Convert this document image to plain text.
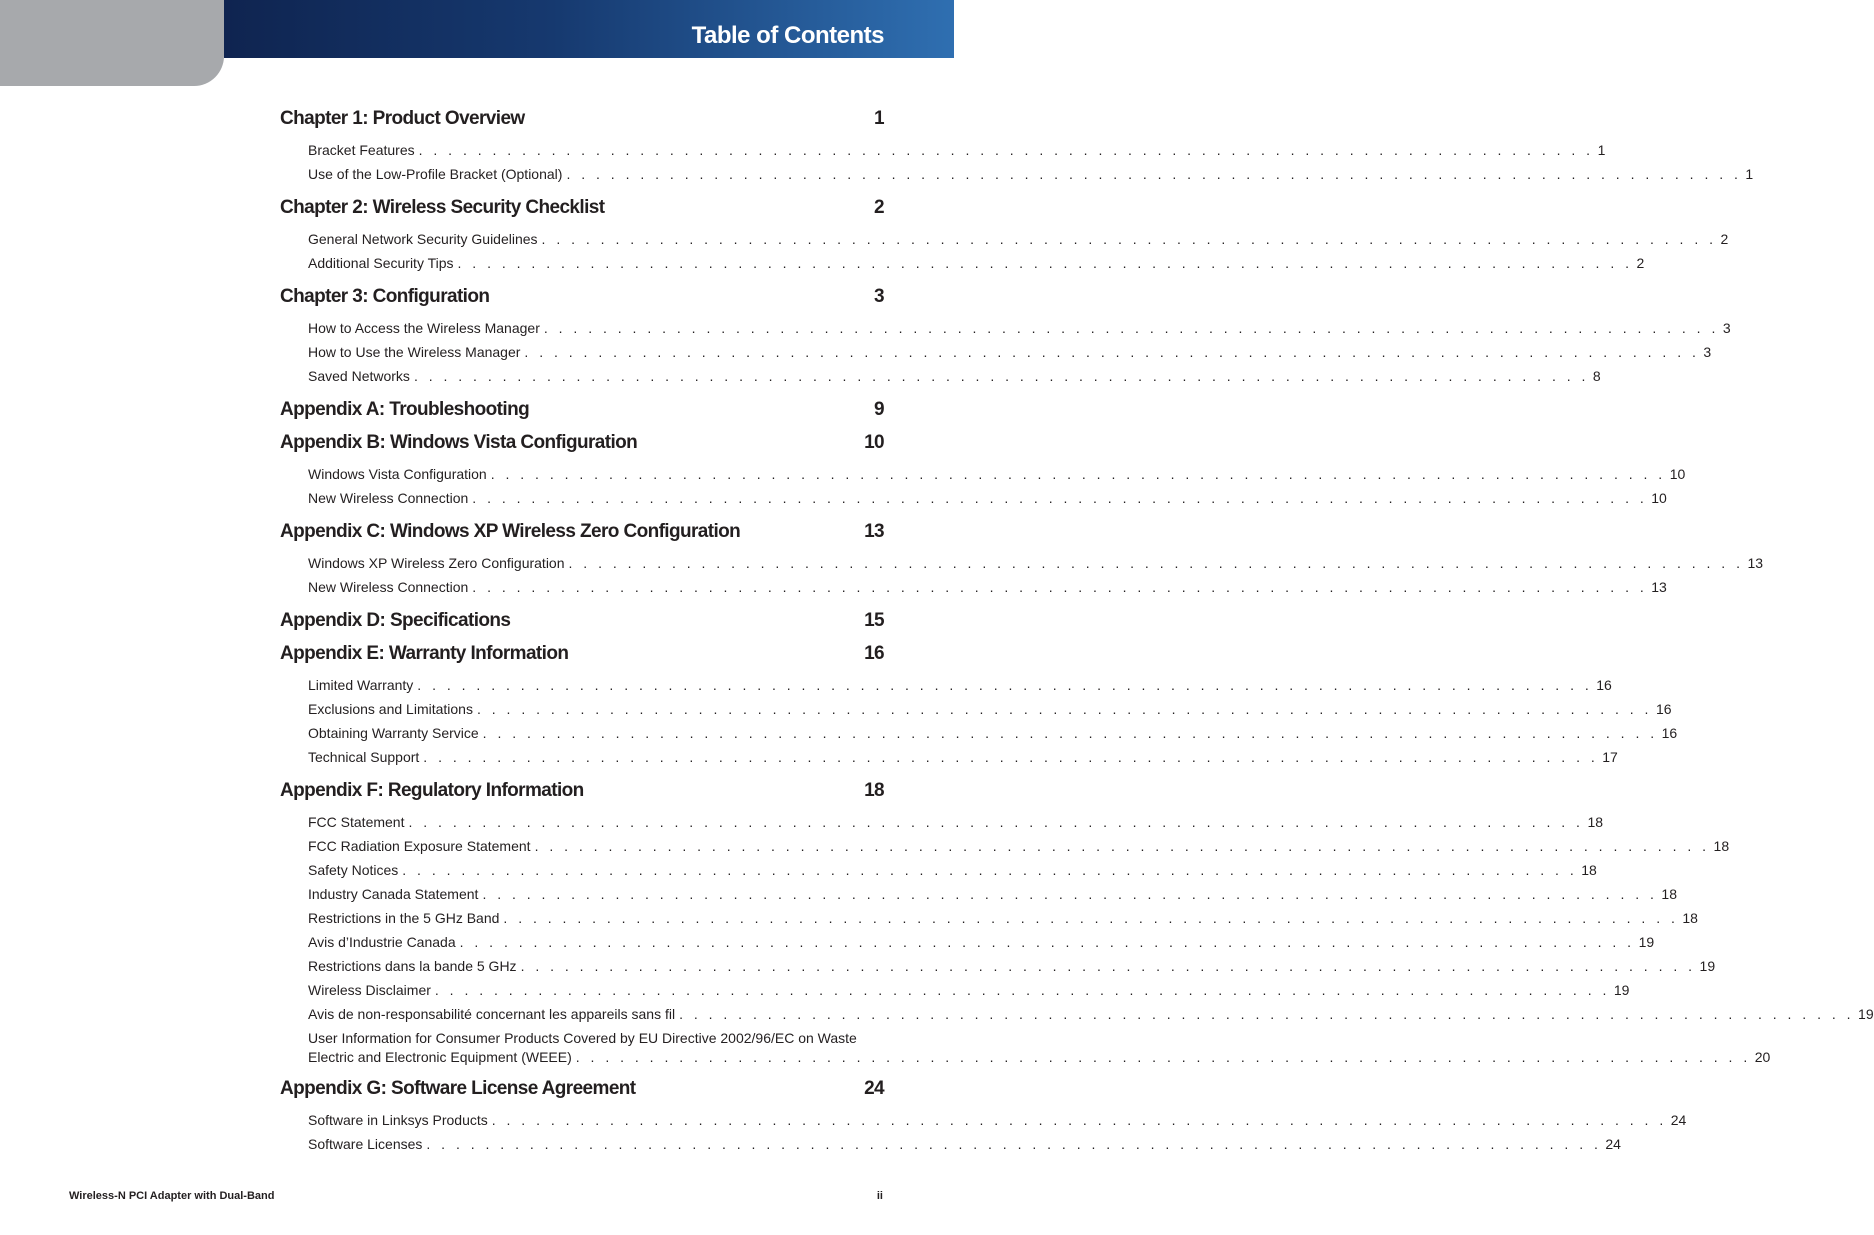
Table of Contents
Chapter 1: Product Overview	1
Bracket Features . . . . . . . . . . . . . . . . . . . . . . . . . . . . . . . . . . . . . . . . . . . . . . . . . . . . . . . . . . . . . . . . . . . . . . . . . . . . . . . . 1
Use of the Low-Profile Bracket (Optional) . . . . . . . . . . . . . . . . . . . . . . . . . . . . . . . . . . . . . . . . . . . . . . . . . . . . . . . . . . . . . . . . . . . . . . . . . . . . . . . . 1
Chapter 2: Wireless Security Checklist	2
General Network Security Guidelines . . . . . . . . . . . . . . . . . . . . . . . . . . . . . . . . . . . . . . . . . . . . . . . . . . . . . . . . . . . . . . . . . . . . . . . . . . . . . . . . 2
Additional Security Tips . . . . . . . . . . . . . . . . . . . . . . . . . . . . . . . . . . . . . . . . . . . . . . . . . . . . . . . . . . . . . . . . . . . . . . . . . . . . . . . . 2
Chapter 3: Configuration	3
How to Access the Wireless Manager . . . . . . . . . . . . . . . . . . . . . . . . . . . . . . . . . . . . . . . . . . . . . . . . . . . . . . . . . . . . . . . . . . . . . . . . . . . . . . . . 3
How to Use the Wireless Manager . . . . . . . . . . . . . . . . . . . . . . . . . . . . . . . . . . . . . . . . . . . . . . . . . . . . . . . . . . . . . . . . . . . . . . . . . . . . . . . . 3
Saved Networks . . . . . . . . . . . . . . . . . . . . . . . . . . . . . . . . . . . . . . . . . . . . . . . . . . . . . . . . . . . . . . . . . . . . . . . . . . . . . . . . 8
Appendix A: Troubleshooting	9
Appendix B: Windows Vista Configuration	10
Windows Vista Configuration . . . . . . . . . . . . . . . . . . . . . . . . . . . . . . . . . . . . . . . . . . . . . . . . . . . . . . . . . . . . . . . . . . . . . . . . . . . . . . . . 10
New Wireless Connection . . . . . . . . . . . . . . . . . . . . . . . . . . . . . . . . . . . . . . . . . . . . . . . . . . . . . . . . . . . . . . . . . . . . . . . . . . . . . . . . 10
Appendix C: Windows XP Wireless Zero Configuration	13
Windows XP Wireless Zero Configuration . . . . . . . . . . . . . . . . . . . . . . . . . . . . . . . . . . . . . . . . . . . . . . . . . . . . . . . . . . . . . . . . . . . . . . . . . . . . . . . . 13
New Wireless Connection . . . . . . . . . . . . . . . . . . . . . . . . . . . . . . . . . . . . . . . . . . . . . . . . . . . . . . . . . . . . . . . . . . . . . . . . . . . . . . . . 13
Appendix D: Specifications	15
Appendix E: Warranty Information	16
Limited Warranty . . . . . . . . . . . . . . . . . . . . . . . . . . . . . . . . . . . . . . . . . . . . . . . . . . . . . . . . . . . . . . . . . . . . . . . . . . . . . . . . 16
Exclusions and Limitations . . . . . . . . . . . . . . . . . . . . . . . . . . . . . . . . . . . . . . . . . . . . . . . . . . . . . . . . . . . . . . . . . . . . . . . . . . . . . . . . 16
Obtaining Warranty Service . . . . . . . . . . . . . . . . . . . . . . . . . . . . . . . . . . . . . . . . . . . . . . . . . . . . . . . . . . . . . . . . . . . . . . . . . . . . . . . . 16
Technical Support . . . . . . . . . . . . . . . . . . . . . . . . . . . . . . . . . . . . . . . . . . . . . . . . . . . . . . . . . . . . . . . . . . . . . . . . . . . . . . . . 17
Appendix F: Regulatory Information	18
FCC Statement . . . . . . . . . . . . . . . . . . . . . . . . . . . . . . . . . . . . . . . . . . . . . . . . . . . . . . . . . . . . . . . . . . . . . . . . . . . . . . . . 18
FCC Radiation Exposure Statement . . . . . . . . . . . . . . . . . . . . . . . . . . . . . . . . . . . . . . . . . . . . . . . . . . . . . . . . . . . . . . . . . . . . . . . . . . . . . . . . 18
Safety Notices . . . . . . . . . . . . . . . . . . . . . . . . . . . . . . . . . . . . . . . . . . . . . . . . . . . . . . . . . . . . . . . . . . . . . . . . . . . . . . . . 18
Industry Canada Statement . . . . . . . . . . . . . . . . . . . . . . . . . . . . . . . . . . . . . . . . . . . . . . . . . . . . . . . . . . . . . . . . . . . . . . . . . . . . . . . . 18
Restrictions in the 5 GHz Band . . . . . . . . . . . . . . . . . . . . . . . . . . . . . . . . . . . . . . . . . . . . . . . . . . . . . . . . . . . . . . . . . . . . . . . . . . . . . . . . 18
Avis d’Industrie Canada . . . . . . . . . . . . . . . . . . . . . . . . . . . . . . . . . . . . . . . . . . . . . . . . . . . . . . . . . . . . . . . . . . . . . . . . . . . . . . . . 19
Restrictions dans la bande 5 GHz . . . . . . . . . . . . . . . . . . . . . . . . . . . . . . . . . . . . . . . . . . . . . . . . . . . . . . . . . . . . . . . . . . . . . . . . . . . . . . . . 19
Wireless Disclaimer . . . . . . . . . . . . . . . . . . . . . . . . . . . . . . . . . . . . . . . . . . . . . . . . . . . . . . . . . . . . . . . . . . . . . . . . . . . . . . . . 19
Avis de non-responsabilité concernant les appareils sans fil . . . . . . . . . . . . . . . . . . . . . . . . . . . . . . . . . . . . . . . . . . . . . . . . . . . . . . . . . . . . . . . . . . . . . . . . . . . . . . . . 19
User Information for Consumer Products Covered by EU Directive 2002/96/EC on Waste
Electric and Electronic Equipment (WEEE) . . . . . . . . . . . . . . . . . . . . . . . . . . . . . . . . . . . . . . . . . . . . . . . . . . . . . . . . . . . . . . . . . . . . . . . . . . . . . . . . 20
Appendix G: Software License Agreement	24
Software in Linksys Products . . . . . . . . . . . . . . . . . . . . . . . . . . . . . . . . . . . . . . . . . . . . . . . . . . . . . . . . . . . . . . . . . . . . . . . . . . . . . . . . 24
Software Licenses . . . . . . . . . . . . . . . . . . . . . . . . . . . . . . . . . . . . . . . . . . . . . . . . . . . . . . . . . . . . . . . . . . . . . . . . . . . . . . . . 24
Wireless-N PCI Adapter with Dual-Band	ii
